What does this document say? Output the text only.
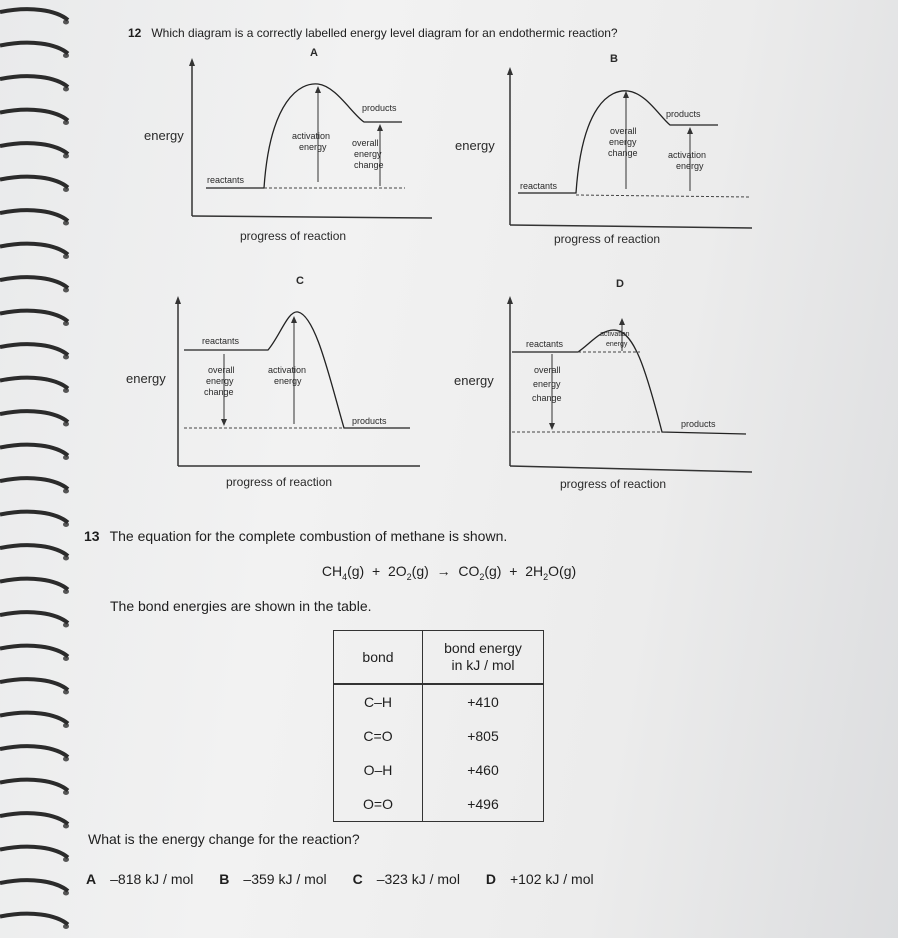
12 Which diagram is a correctly labelled energy level diagram for an endothermic reaction?
A
energy
reactants
products
activation
energy	overall
energy
change
progress of reaction
B
energy
reactants
products
overall
energy
change	activation
energy
progress of reaction
C
energy
reactants
products
overall
energy
change
activation
energy
progress of reaction
D
energy
reactants
products
activation
energy
overall
energy
change
progress of reaction
13 The equation for the complete combustion of methane is shown.
$CH_4(g) + 2O_2(g) \to CO_2(g) + 2H_2O(g)$
The bond energies are shown in the table.
bond	bond energy
in kJ / mol
C–H	+410
C=O	+805
O–H	+460
O=O	+496
What is the energy change for the reaction?
A –818 kJ / mol B –359 kJ / mol C –323 kJ / mol D +102 kJ / mol
